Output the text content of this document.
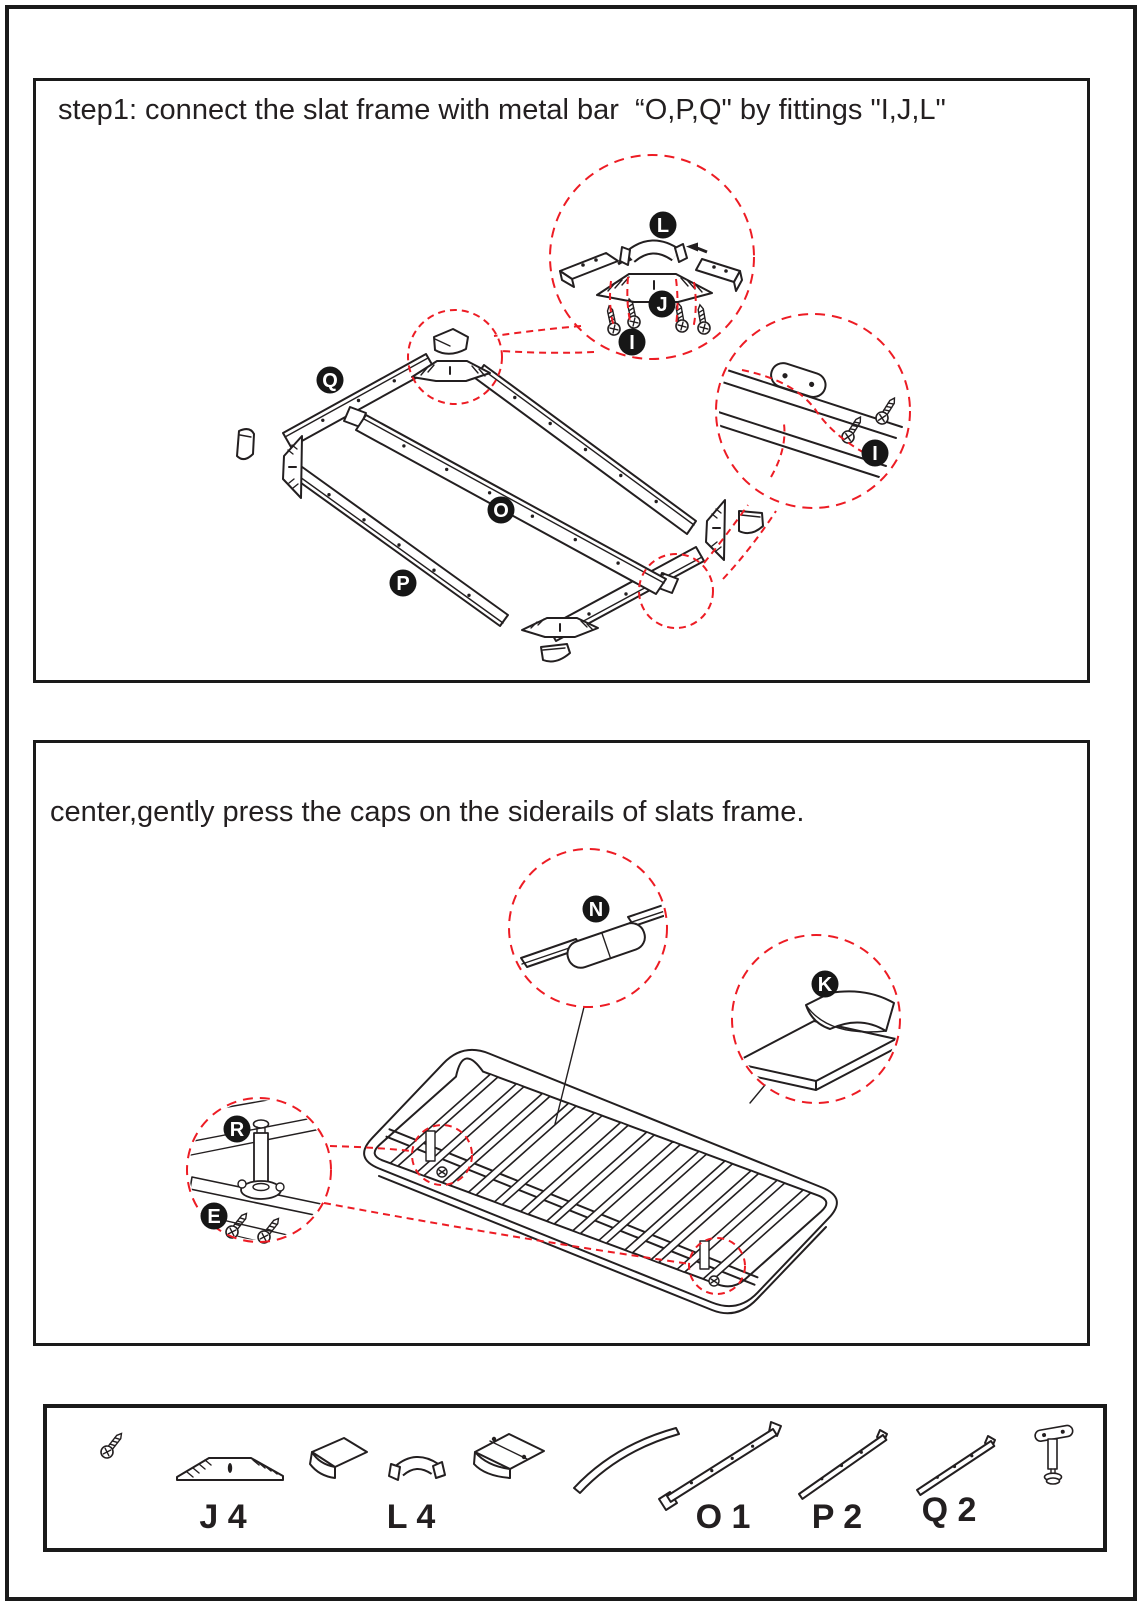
L
J
I
I
Q
O
P
step1: connect the slat frame with metal bar  “O,P,Q" by fittings "I,J,L"
N
K
R
E
center,gently press the caps on the siderails of slats frame.
J 4	L 4	O 1 P 2 Q 2
